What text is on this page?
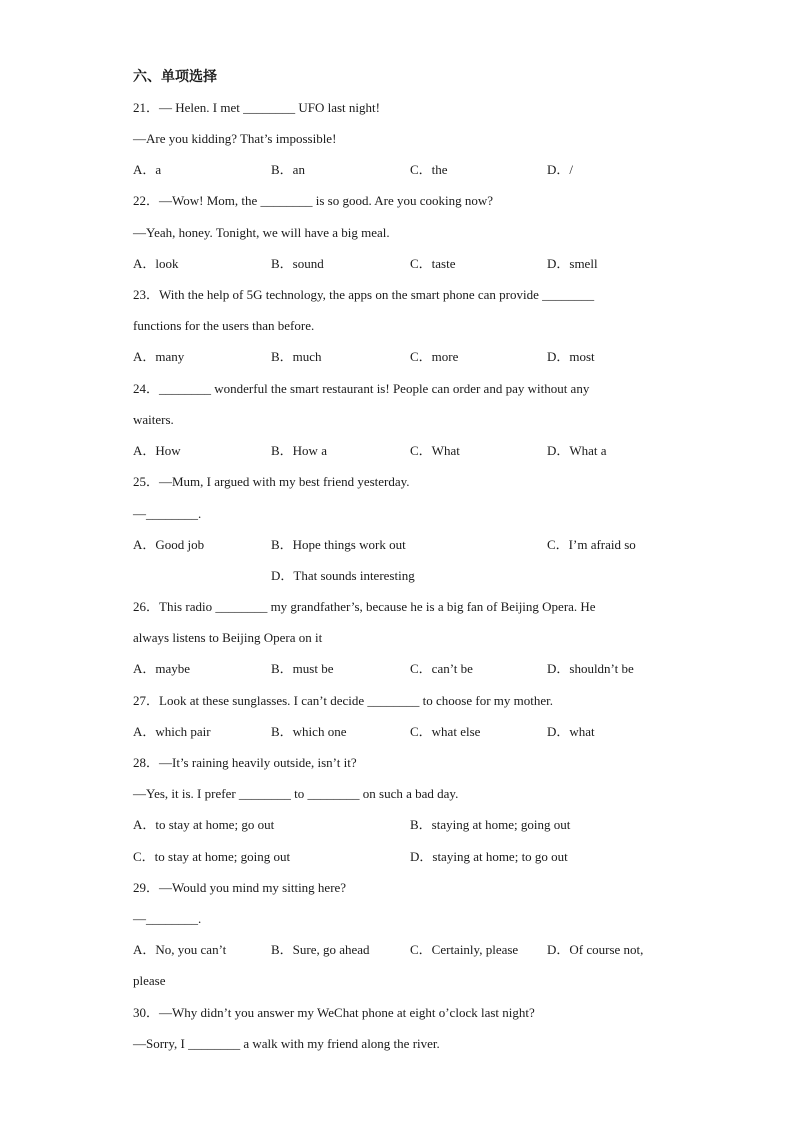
六、单项选择
21．— Helen. I met ________ UFO last night!
—Are you kidding? That’s impossible!
A．a	B．an	C．the	D．/
22．—Wow! Mom, the ________ is so good. Are you cooking now?
—Yeah, honey. Tonight, we will have a big meal.
A．look	B．sound	C．taste	D．smell
23．With the help of 5G technology, the apps on the smart phone can provide ________
functions for the users than before.
A．many	B．much	C．more	D．most
24．________ wonderful the smart restaurant is! People can order and pay without any
waiters.
A．How	B．How a	C．What	D．What a
25．—Mum, I argued with my best friend yesterday.
—________.
A．Good job	B．Hope things work out	C．I’m afraid so
D．That sounds interesting
26．This radio ________ my grandfather’s, because he is a big fan of Beijing Opera. He
always listens to Beijing Opera on it
A．maybe	B．must be	C．can’t be	D．shouldn’t be
27．Look at these sunglasses. I can’t decide ________ to choose for my mother.
A．which pair	B．which one	C．what else	D．what
28．—It’s raining heavily outside, isn’t it?
—Yes, it is. I prefer ________ to ________ on such a bad day.
A．to stay at home; go out	B．staying at home; going out
C．to stay at home; going out	D．staying at home; to go out
29．—Would you mind my sitting here?
—________.
A．No, you can’t	B．Sure, go ahead	C．Certainly, please D．Of course not,
please
30．—Why didn’t you answer my WeChat phone at eight o’clock last night?
—Sorry, I ________ a walk with my friend along the river.
